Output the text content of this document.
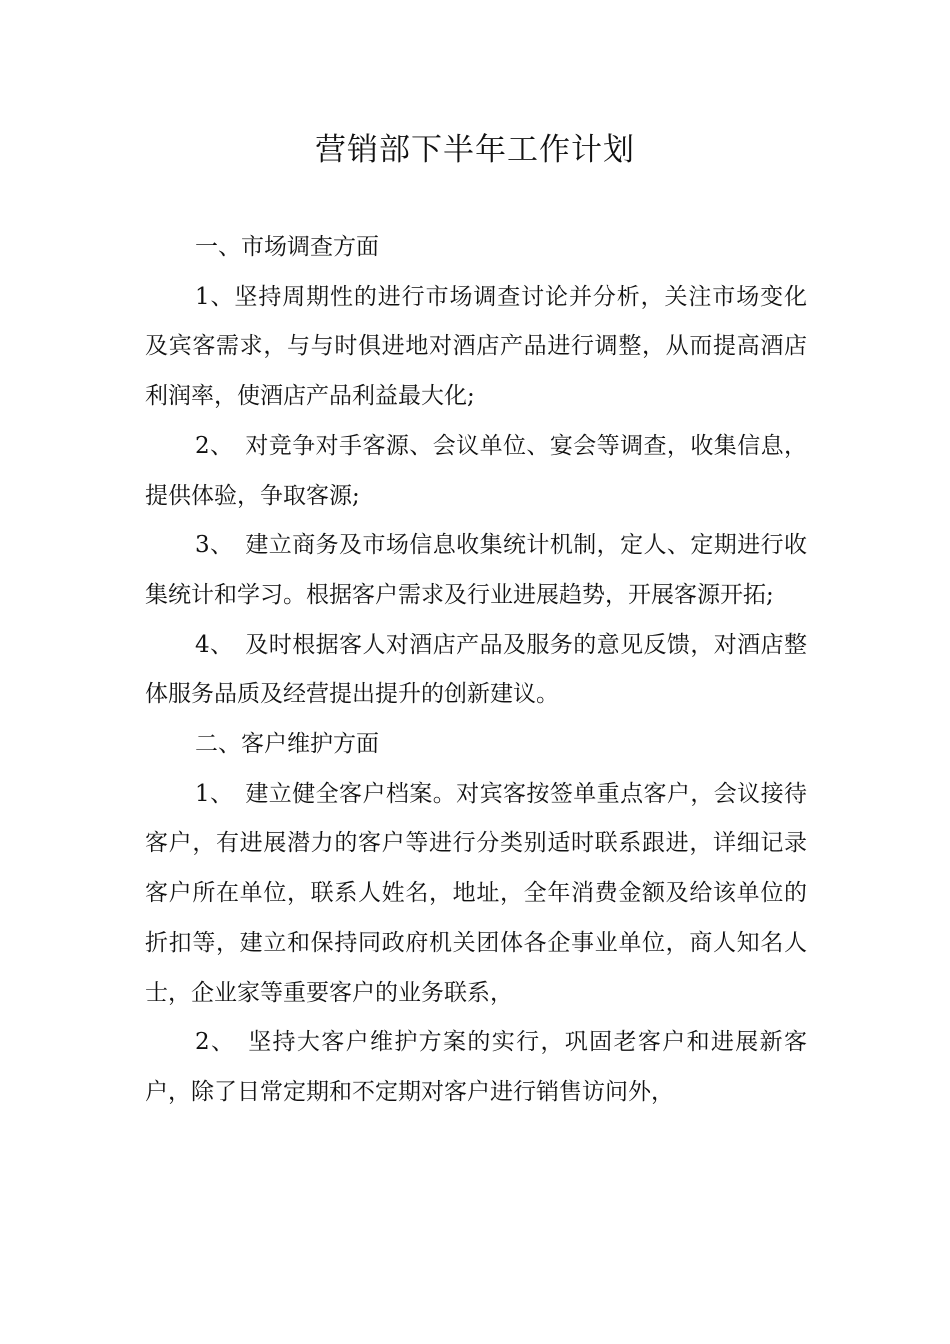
营销部下半年工作计划

一、市场调查方面

1、坚持周期性的进行市场调查讨论并分析，关注市场变化及宾客需求，与与时俱进地对酒店产品进行调整，从而提高酒店利润率，使酒店产品利益最大化;

2、　对竞争对手客源、会议单位、宴会等调查，收集信息，提供体验，争取客源;

3、　建立商务及市场信息收集统计机制，定人、定期进行收集统计和学习。根据客户需求及行业进展趋势，开展客源开拓;

4、　及时根据客人对酒店产品及服务的意见反馈，对酒店整体服务品质及经营提出提升的创新建议。

二、客户维护方面

1、　建立健全客户档案。对宾客按签单重点客户，会议接待客户，有进展潜力的客户等进行分类别适时联系跟进，详细记录客户所在单位，联系人姓名，地址，全年消费金额及给该单位的折扣等，建立和保持同政府机关团体各企事业单位，商人知名人士，企业家等重要客户的业务联系，

2、　坚持大客户维护方案的实行，巩固老客户和进展新客户，除了日常定期和不定期对客户进行销售访问外，
